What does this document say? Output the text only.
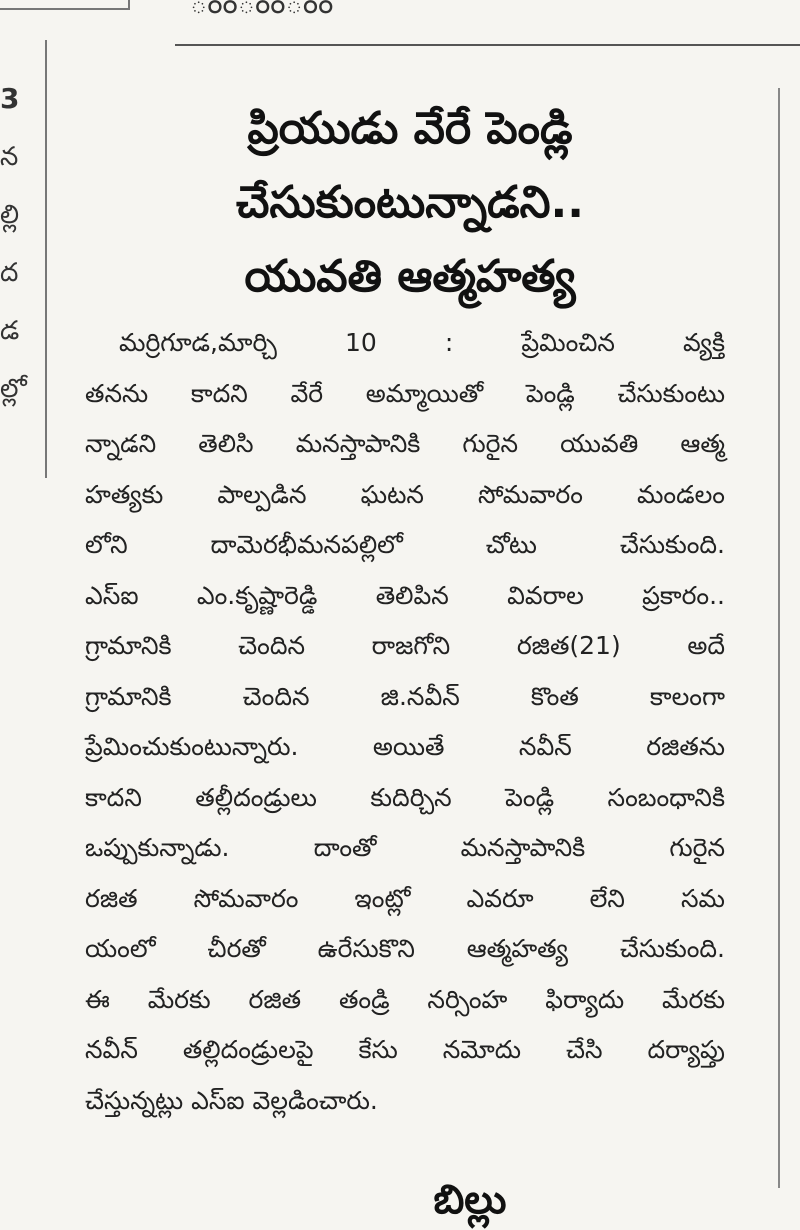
ంంంంంం
3
న
ల్లి
ద
డ
ల్లో
ప్రియుడు వేరే పెండ్లి
చేసుకుంటున్నాడని..
యువతి ఆత్మహత్య
మర్రిగూడ,మార్చి 10 : ప్రేమించిన వ్యక్తి
తనను కాదని వేరే అమ్మాయితో పెండ్లి చేసుకుంటు
న్నాడని తెలిసి మనస్తాపానికి గురైన యువతి ఆత్మ
హత్యకు పాల్పడిన ఘటన సోమవారం మండలం
లోని దామెరభీమనపల్లిలో చోటు చేసుకుంది.
ఎస్ఐ ఎం.కృష్ణారెడ్డి తెలిపిన వివరాల ప్రకారం..
గ్రామానికి చెందిన రాజగోని రజిత(21) అదే
గ్రామానికి చెందిన జి.నవీన్ కొంత కాలంగా
ప్రేమించుకుంటున్నారు. అయితే నవీన్ రజితను
కాదని తల్లీదండ్రులు కుదిర్చిన పెండ్లి సంబంధానికి
ఒప్పుకున్నాడు. దాంతో మనస్తాపానికి గురైన
రజిత సోమవారం ఇంట్లో ఎవరూ లేని సమ
యంలో చీరతో ఉరేసుకొని ఆత్మహత్య చేసుకుంది.
ఈ మేరకు రజిత తండ్రి నర్సింహ ఫిర్యాదు మేరకు
నవీన్ తల్లిదండ్రులపై కేసు నమోదు చేసి దర్యాప్తు
చేస్తున్నట్లు ఎస్ఐ వెల్లడించారు.
బిల్లు
